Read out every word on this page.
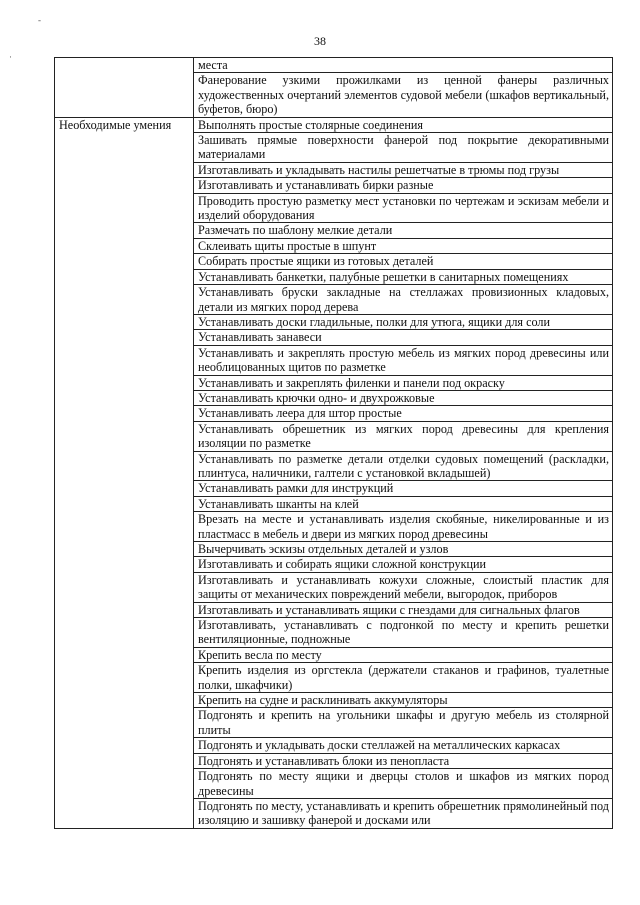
38
-
·
	места
	Фанерование узкими прожилками из ценной фанеры различных художественных очертаний элементов судовой мебели (шкафов вертикальный, буфетов, бюро)
Необходимые умения	Выполнять простые столярные соединения
	Зашивать прямые поверхности фанерой под покрытие декоративными материалами
	Изготавливать и укладывать настилы решетчатые в трюмы под грузы
	Изготавливать и устанавливать бирки разные
	Проводить простую разметку мест установки по чертежам и эскизам мебели и изделий оборудования
	Размечать по шаблону мелкие детали
	Склеивать щиты простые в шпунт
	Собирать простые ящики из готовых деталей
	Устанавливать банкетки, палубные решетки в санитарных помещениях
	Устанавливать бруски закладные на стеллажах провизионных кладовых, детали из мягких пород дерева
	Устанавливать доски гладильные, полки для утюга, ящики для соли
	Устанавливать занавеси
	Устанавливать и закреплять простую мебель из мягких пород древесины или необлицованных щитов по разметке
	Устанавливать и закреплять филенки и панели под окраску
	Устанавливать крючки одно- и двухрожковые
	Устанавливать леера для штор простые
	Устанавливать обрешетник из мягких пород древесины для крепления изоляции по разметке
	Устанавливать по разметке детали отделки судовых помещений (раскладки, плинтуса, наличники, галтели с установкой вкладышей)
	Устанавливать рамки для инструкций
	Устанавливать шканты на клей
	Врезать на месте и устанавливать изделия скобяные, никелированные и из пластмасс в мебель и двери из мягких пород древесины
	Вычерчивать эскизы отдельных деталей и узлов
	Изготавливать и собирать ящики сложной конструкции
	Изготавливать и устанавливать кожухи сложные, слоистый пластик для защиты от механических повреждений мебели, выгородок, приборов
	Изготавливать и устанавливать ящики с гнездами для сигнальных флагов
	Изготавливать, устанавливать с подгонкой по месту и крепить решетки вентиляционные, подножные
	Крепить весла по месту
	Крепить изделия из оргстекла (держатели стаканов и графинов, туалетные полки, шкафчики)
	Крепить на судне и расклинивать аккумуляторы
	Подгонять и крепить на угольники шкафы и другую мебель из столярной плиты
	Подгонять и укладывать доски стеллажей на металлических каркасах
	Подгонять и устанавливать блоки из пенопласта
	Подгонять по месту ящики и дверцы столов и шкафов из мягких пород древесины
	Подгонять по месту, устанавливать и крепить обрешетник прямолинейный под изоляцию и зашивку фанерой и досками или
